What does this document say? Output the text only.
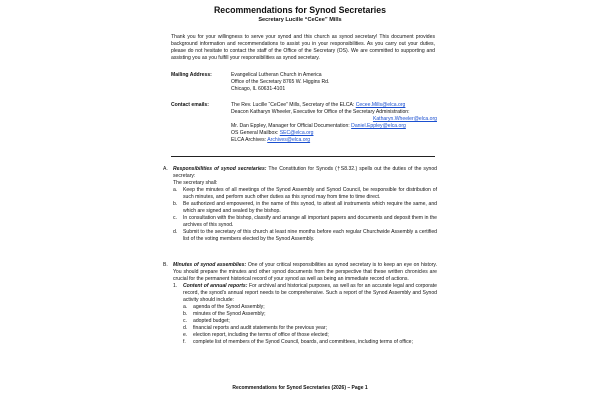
Recommendations for Synod Secretaries
Secretary Lucille “CeCee” Mills
Thank you for your willingness to serve your synod and this church as synod secretary! This document provides background information and recommendations to assist you in your responsibilities. As you carry out your duties, please do not hesitate to contact the staff of the Office of the Secretary (OS). We are committed to supporting and assisting you as you fulfill your responsibilities as synod secretary.
Mailing Address:	Evangelical Lutheran Church in America
Office of the Secretary 8765 W. Higgins Rd.
Chicago, IL 60631-4101
Contact emails:	The Rev. Lucille “CeCee” Mills, Secretary of the ELCA: Cecee.Mills@elca.org
Deacon Katharyn Wheeler, Executive for Office of the Secretary Administration:
Katharyn.Wheeler@elca.org
Mr. Dan Eppley, Manager for Official Documentation: Daniel.Eppley@elca.org
OS General Mailbox: SEC@elca.org
ELCA Archives: Archives@elca.org
A. Responsibilities of synod secretaries: The Constitution for Synods (†S8.32.) spells out the duties of the synod secretary:
The secretary shall:
a. Keep the minutes of all meetings of the Synod Assembly and Synod Council, be responsible for distribution of such minutes, and perform such other duties as this synod may from time to time direct.
b. Be authorized and empowered, in the name of this synod, to attest all instruments which require the same, and which are signed and sealed by the bishop.
c. In consultation with the bishop, classify and arrange all important papers and documents and deposit them in the archives of this synod.
d. Submit to the secretary of this church at least nine months before each regular Churchwide Assembly a certified list of the voting members elected by the Synod Assembly.
B. Minutes of synod assemblies: One of your critical responsibilities as synod secretary is to keep an eye on history. You should prepare the minutes and other synod documents from the perspective that these written chronicles are crucial for the permanent historical record of your synod as well as being an immediate record of actions.
1. Content of annual reports: For archival and historical purposes, as well as for an accurate legal and corporate record, the synod’s annual report needs to be comprehensive. Such a report of the Synod Assembly and Synod activity should include:
a. agenda of the Synod Assembly;
b. minutes of the Synod Assembly;
c. adopted budget;
d. financial reports and audit statements for the previous year;
e. election report, including the terms of office of those elected;
f. complete list of members of the Synod Council, boards, and committees, including terms of office;
Recommendations for Synod Secretaries (2026) – Page 1
